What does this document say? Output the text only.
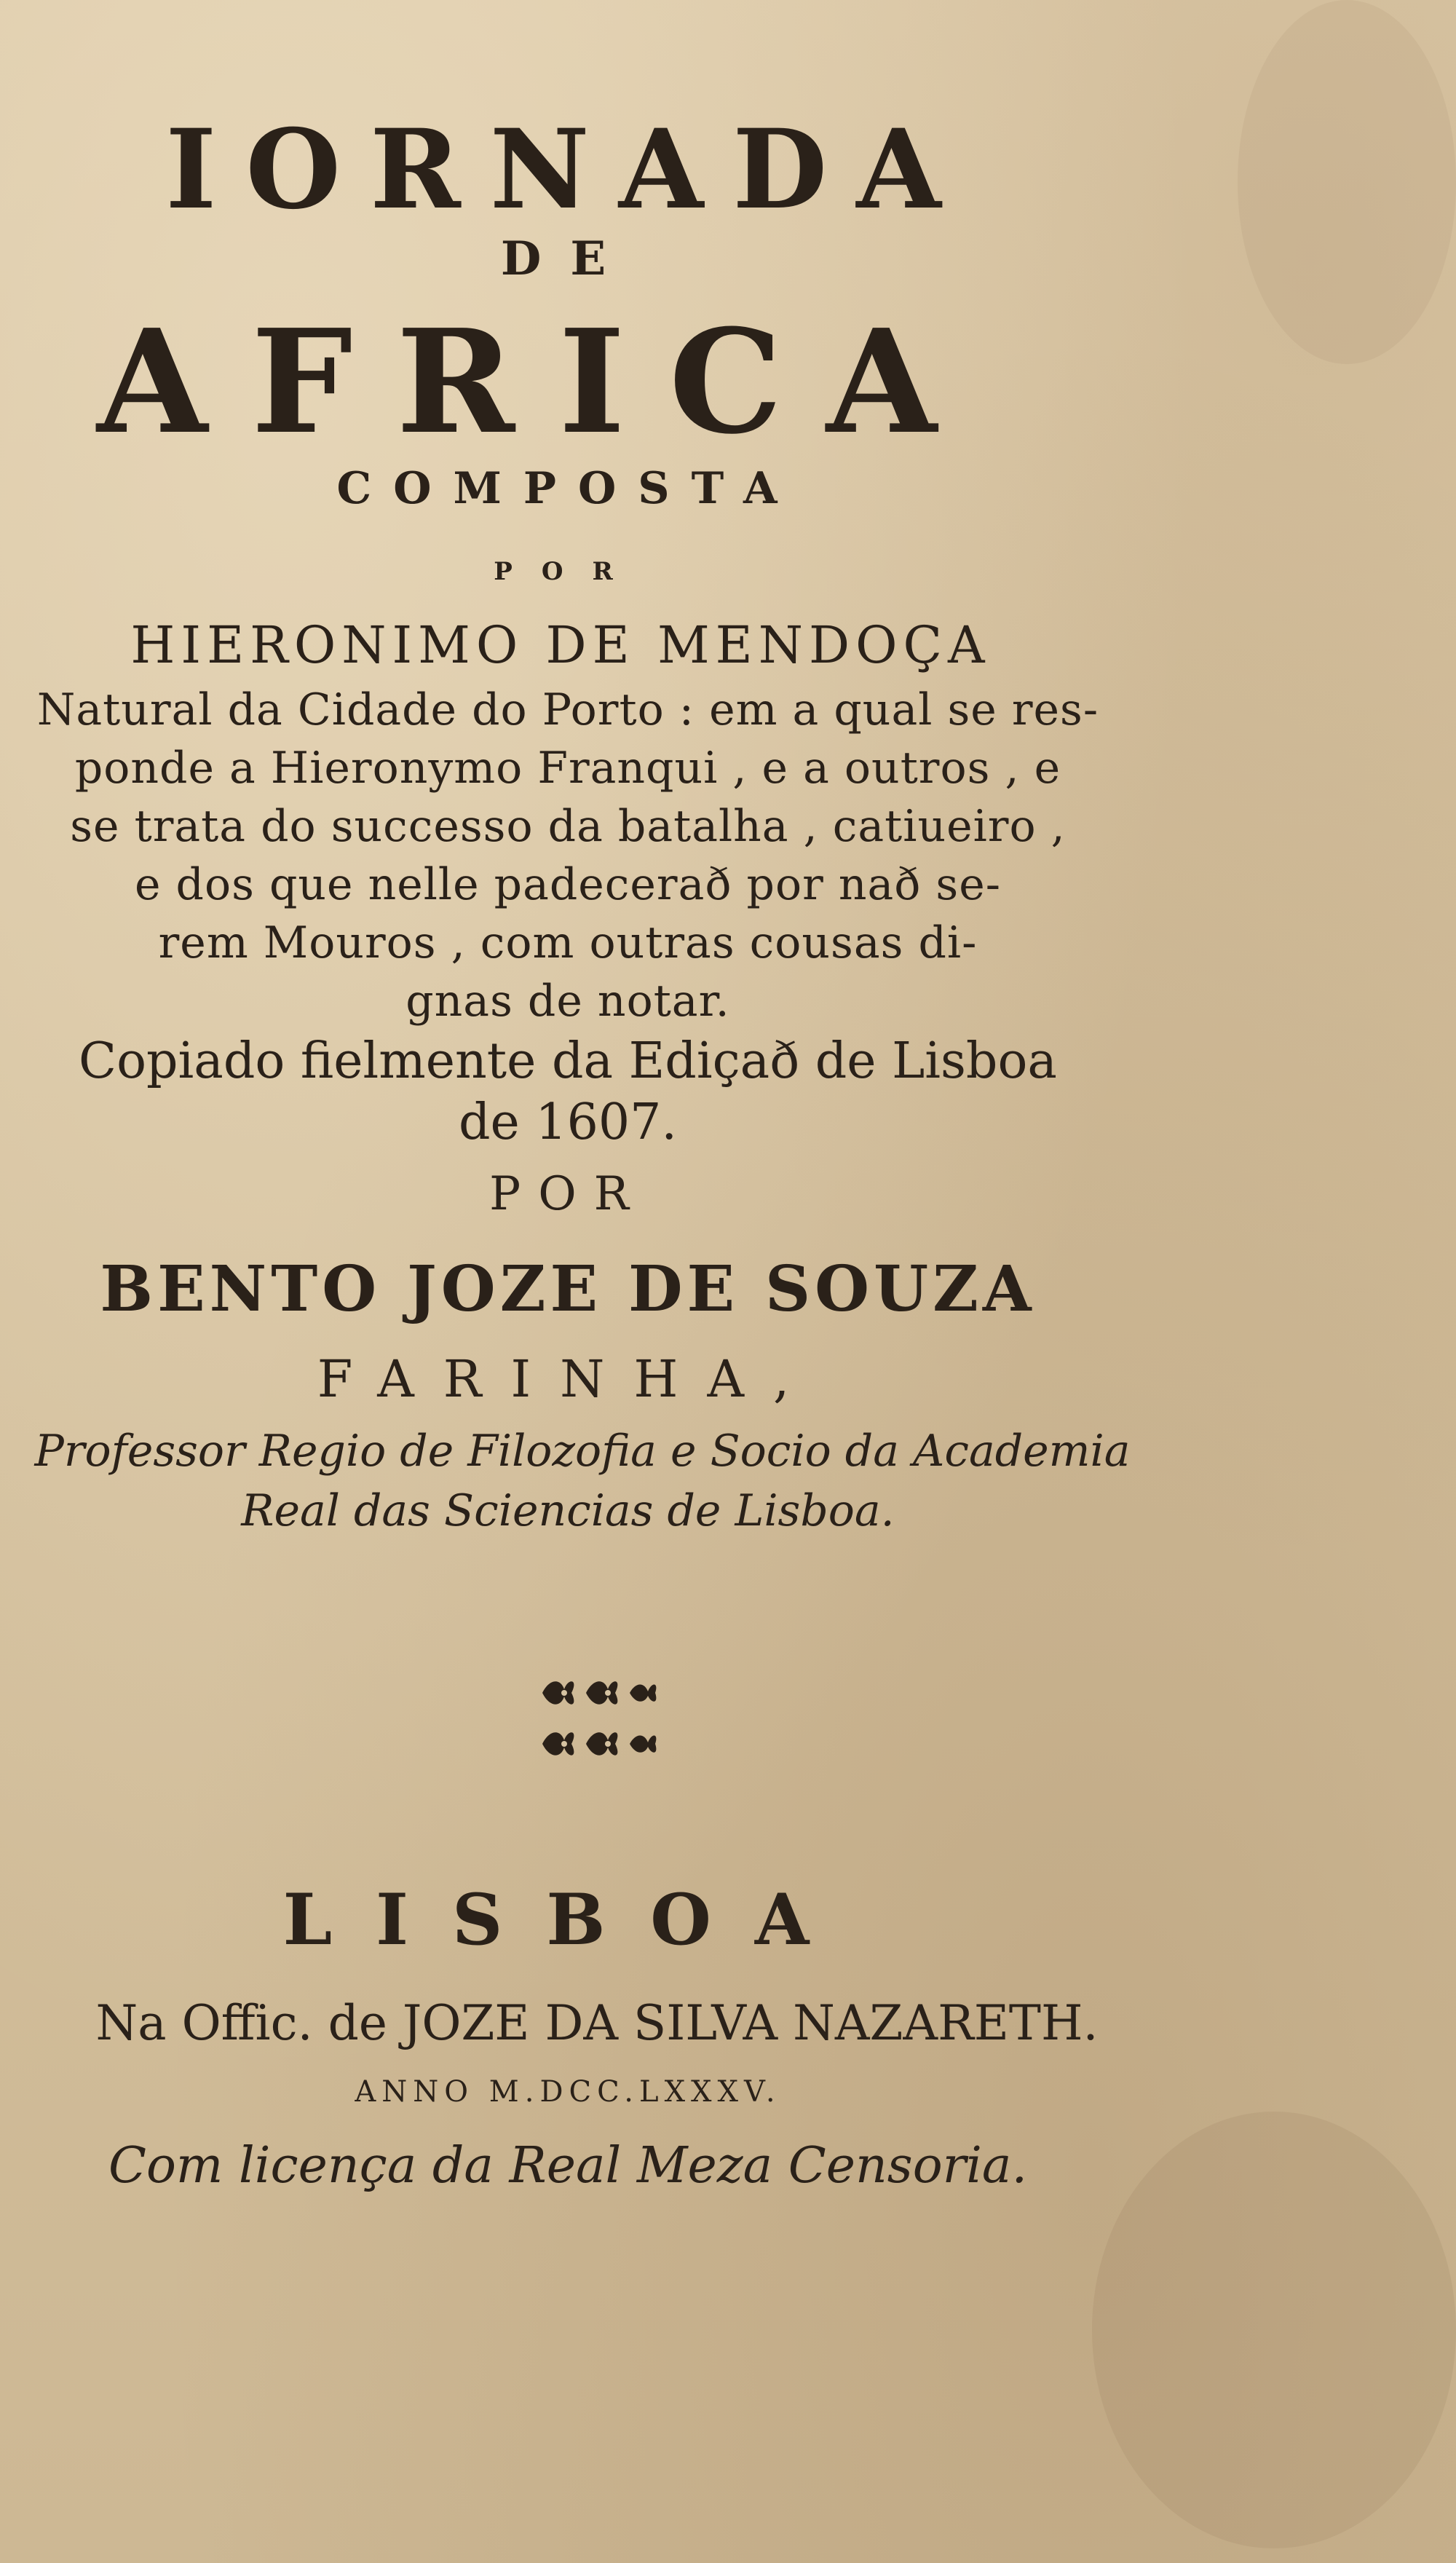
IORNADA

DE

AFRICA

COMPOSTA

POR

HIERONIMO DE MENDOÇA

Natural da Cidade do Porto : em a qual se res-

ponde a Hieronymo Franqui , e a outros , e

se trata do successo da batalha , catiueiro ,

e dos que nelle padecerað por nað se-

rem Mouros , com outras cousas di-

gnas de notar.

Copiado fielmente da Ediçað de Lisboa

de 1607.

POR

BENTO JOZE DE SOUZA

FARINHA,

Professor Regio de Filozofia e Socio da Academia

Real das Sciencias de Lisboa.

LISBOA

Na Offic. de JOZE DA SILVA NAZARETH.

ANNO M.DCC.LXXXV.

Com licença da Real Meza Censoria.
